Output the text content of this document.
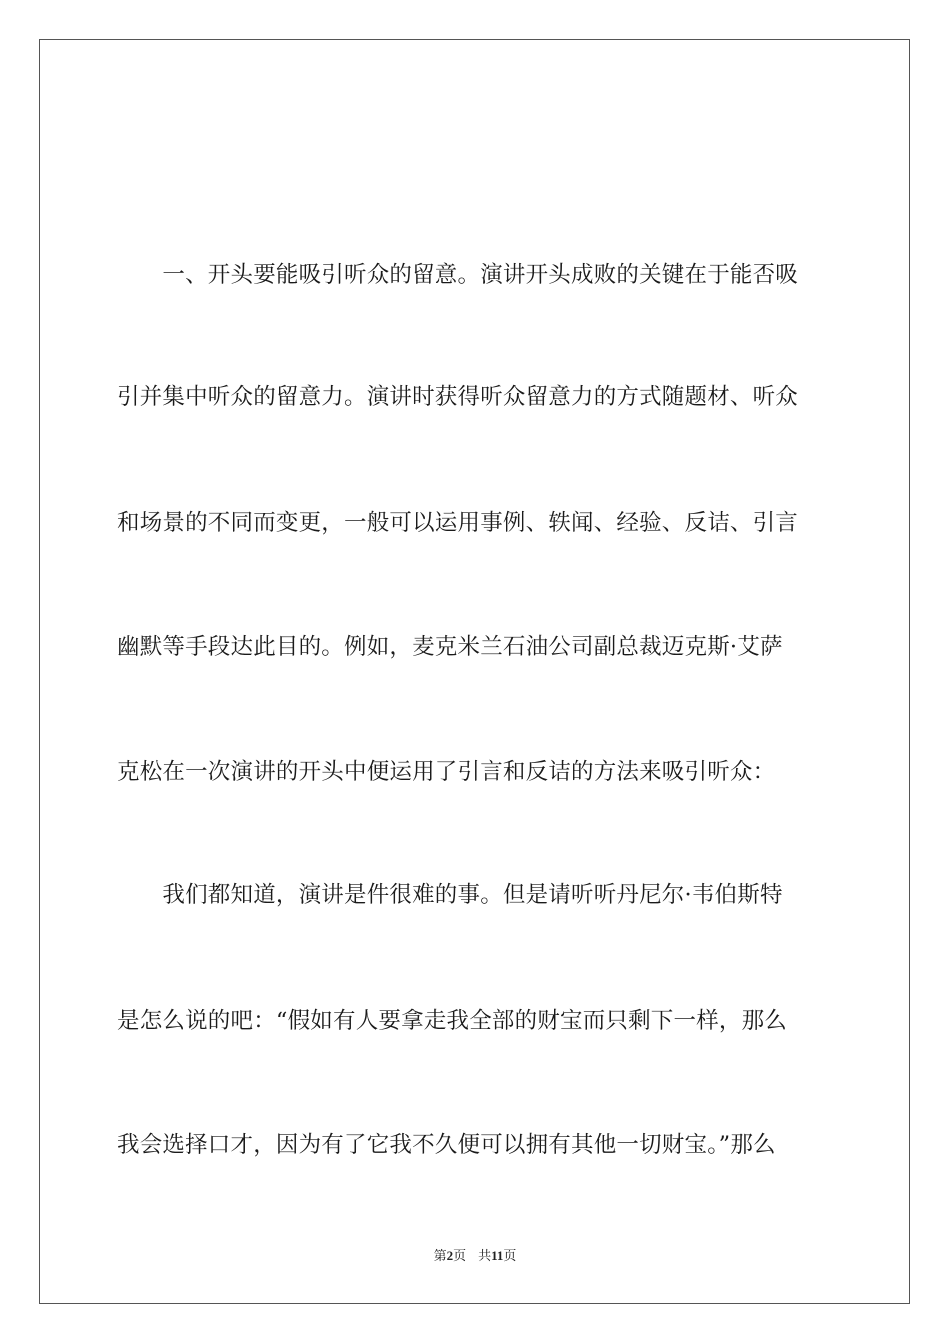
　　一、开头要能吸引听众的留意。演讲开头成败的关键在于能否吸
引并集中听众的留意力。演讲时获得听众留意力的方式随题材、听众
和场景的不同而变更，一般可以运用事例、轶闻、经验、反诘、引言
幽默等手段达此目的。例如，麦克米兰石油公司副总裁迈克斯·艾萨
克松在一次演讲的开头中便运用了引言和反诘的方法来吸引听众：
　　我们都知道，演讲是件很难的事。但是请听听丹尼尔·韦伯斯特
是怎么说的吧：“假如有人要拿走我全部的财宝而只剩下一样，那么
我会选择口才，因为有了它我不久便可以拥有其他一切财宝。”那么
第2页 共11页
